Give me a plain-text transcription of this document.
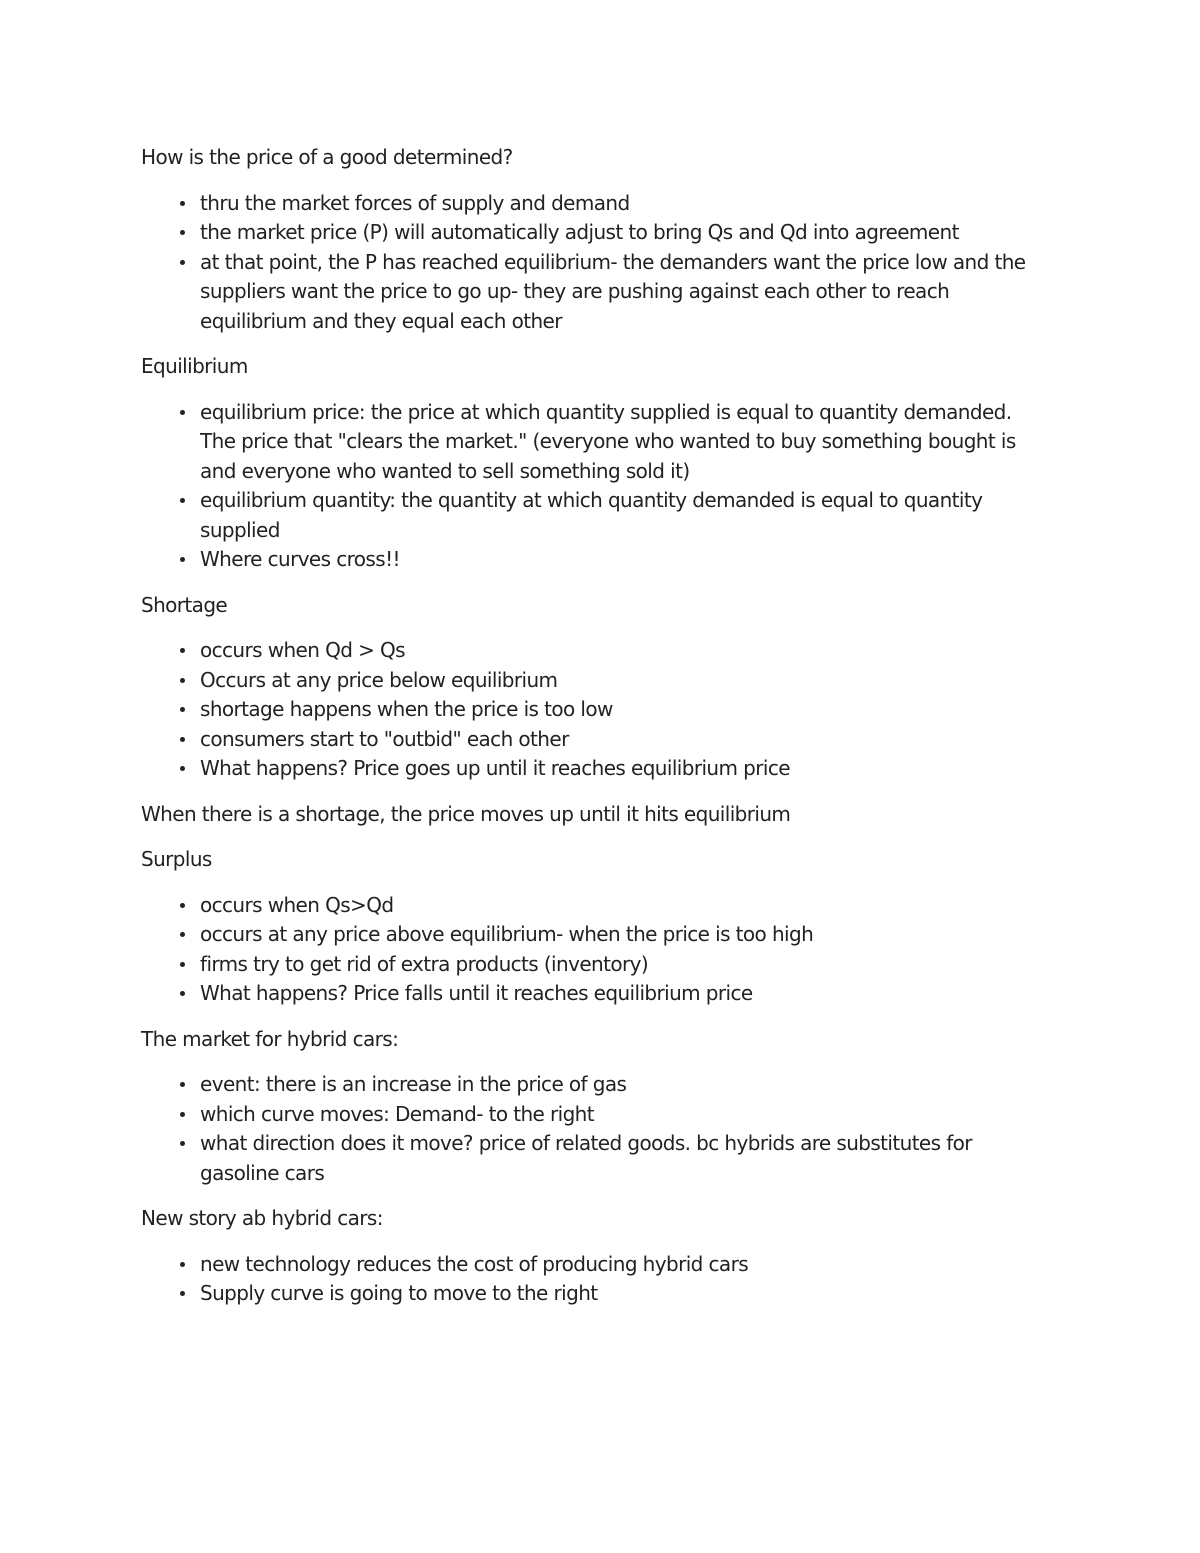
How is the price of a good determined?

thru the market forces of supply and demand
the market price (P) will automatically adjust to bring Qs and Qd into agreement
at that point, the P has reached equilibrium- the demanders want the price low and the suppliers want the price to go up- they are pushing against each other to reach equilibrium and they equal each other

Equilibrium

equilibrium price: the price at which quantity supplied is equal to quantity demanded. The price that "clears the market." (everyone who wanted to buy something bought is and everyone who wanted to sell something sold it)
equilibrium quantity: the quantity at which quantity demanded is equal to quantity supplied
Where curves cross!!

Shortage

occurs when Qd > Qs
Occurs at any price below equilibrium
shortage happens when the price is too low
consumers start to "outbid" each other
What happens? Price goes up until it reaches equilibrium price

When there is a shortage, the price moves up until it hits equilibrium

Surplus

occurs when Qs>Qd
occurs at any price above equilibrium- when the price is too high
firms try to get rid of extra products (inventory)
What happens? Price falls until it reaches equilibrium price

The market for hybrid cars:

event: there is an increase in the price of gas
which curve moves: Demand- to the right
what direction does it move? price of related goods. bc hybrids are substitutes for gasoline cars

New story ab hybrid cars:

new technology reduces the cost of producing hybrid cars
Supply curve is going to move to the right
